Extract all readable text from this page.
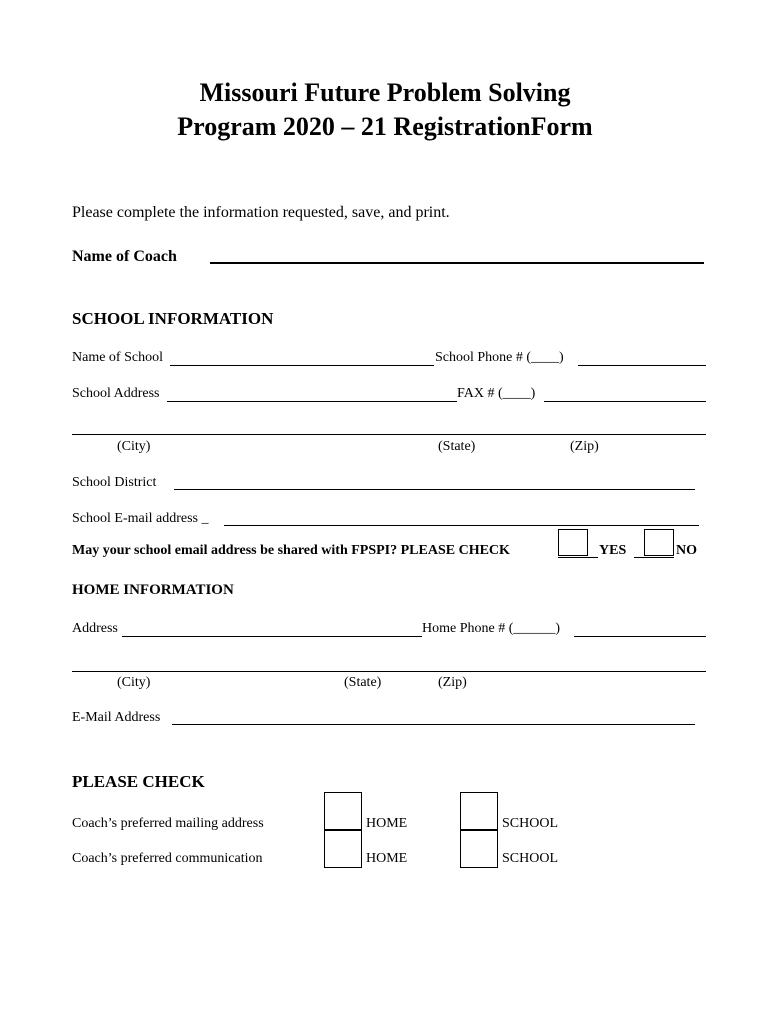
Missouri Future Problem Solving
Program 2020 – 21 RegistrationForm
Please complete the information requested, save, and print.
Name of Coach
SCHOOL INFORMATION
Name of School	School Phone # (____)
School Address	FAX # (____)
(City)	(State)	(Zip)
School District
School E-mail address _
May your school email address be shared with FPSPI? PLEASE CHECK	YES	NO
HOME INFORMATION
Address	Home Phone # (______)
(City)	(State)	(Zip)
E-Mail Address
PLEASE CHECK
Coach’s preferred mailing address	HOME	SCHOOL
Coach’s preferred communication	HOME	SCHOOL
